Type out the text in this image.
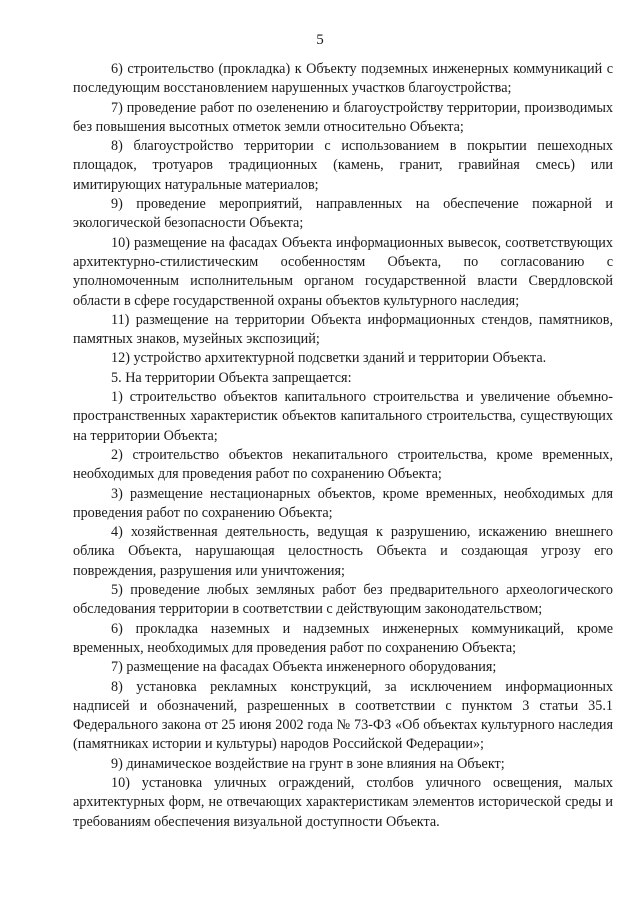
5

6) строительство (прокладка) к Объекту подземных инженерных коммуникаций с последующим восстановлением нарушенных участков благоустройства;

7) проведение работ по озеленению и благоустройству территории, производимых без повышения высотных отметок земли относительно Объекта;

8) благоустройство территории с использованием в покрытии пешеходных площадок, тротуаров традиционных (камень, гранит, гравийная смесь) или имитирующих натуральные материалов;

9) проведение мероприятий, направленных на обеспечение пожарной и экологической безопасности Объекта;

10) размещение на фасадах Объекта информационных вывесок, соответствующих архитектурно-стилистическим особенностям Объекта, по согласованию с уполномоченным исполнительным органом государственной власти Свердловской области в сфере государственной охраны объектов культурного наследия;

11) размещение на территории Объекта информационных стендов, памятников, памятных знаков, музейных экспозиций;

12) устройство архитектурной подсветки зданий и территории Объекта.

5. На территории Объекта запрещается:

1) строительство объектов капитального строительства и увеличение объемно-пространственных характеристик объектов капитального строительства, существующих на территории Объекта;

2) строительство объектов некапитального строительства, кроме временных, необходимых для проведения работ по сохранению Объекта;

3) размещение нестационарных объектов, кроме временных, необходимых для проведения работ по сохранению Объекта;

4) хозяйственная деятельность, ведущая к разрушению, искажению внешнего облика Объекта, нарушающая целостность Объекта и создающая угрозу его повреждения, разрушения или уничтожения;

5) проведение любых земляных работ без предварительного археологического обследования территории в соответствии с действующим законодательством;

6) прокладка наземных и надземных инженерных коммуникаций, кроме временных, необходимых для проведения работ по сохранению Объекта;

7) размещение на фасадах Объекта инженерного оборудования;

8) установка рекламных конструкций, за исключением информационных надписей и обозначений, разрешенных в соответствии с пунктом 3 статьи 35.1 Федерального закона от 25 июня 2002 года № 73-ФЗ «Об объектах культурного наследия (памятниках истории и культуры) народов Российской Федерации»;

9) динамическое воздействие на грунт в зоне влияния на Объект;

10) установка уличных ограждений, столбов уличного освещения, малых архитектурных форм, не отвечающих характеристикам элементов исторической среды и требованиям обеспечения визуальной доступности Объекта.
